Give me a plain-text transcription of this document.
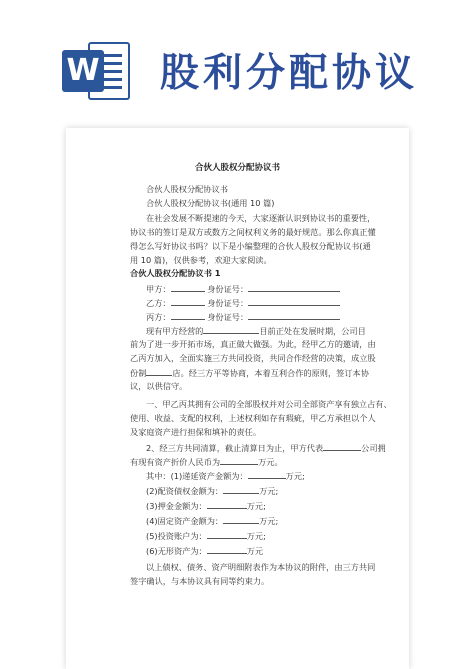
W 股利分配协议
合伙人股权分配协议书
合伙人股权分配协议书
合伙人股权分配协议书(通用 10 篇)
在社会发展不断提速的今天，大家逐渐认识到协议书的重要性，
协议书的签订是双方或数方之间权利义务的最好规范。那么你真正懂
得怎么写好协议书吗？以下是小编整理的合伙人股权分配协议书(通
用 10 篇)，仅供参考，欢迎大家阅读。
合伙人股权分配协议书 1
甲方：	身份证号：
乙方：	身份证号：
丙方：	身份证号：
现有甲方经营的	目前正处在发展时期，公司目
前为了进一步开拓市场，真正做大做强。为此，经甲乙方的邀请，由
乙丙方加入，全面实施三方共同投资，共同合作经营的决策，成立股
份制	店。经三方平等协商，本着互利合作的原则，签订本协
议，以供信守。
一、甲乙丙其拥有公司的全部股权并对公司全部资产享有独立占有、
使用、收益、支配的权利，上述权利如存有瑕疵，甲乙方承担以个人
及家庭资产进行担保和填补的责任。
2、经三方共同清算，截止清算日为止，甲方代表	公司拥
有现有资产折价人民币为	万元。
其中：(1)递延资产金额为：	万元;
(2)配资债权金额为：	万元;
(3)押金金额为：	万元;
(4)固定资产金额为：	万元;
(5)投资账户为：	万元;
(6)无形资产为：	万元
以上债权、债务、资产明细附表作为本协议的附件，由三方共同
签字确认，与本协议具有同等约束力。
